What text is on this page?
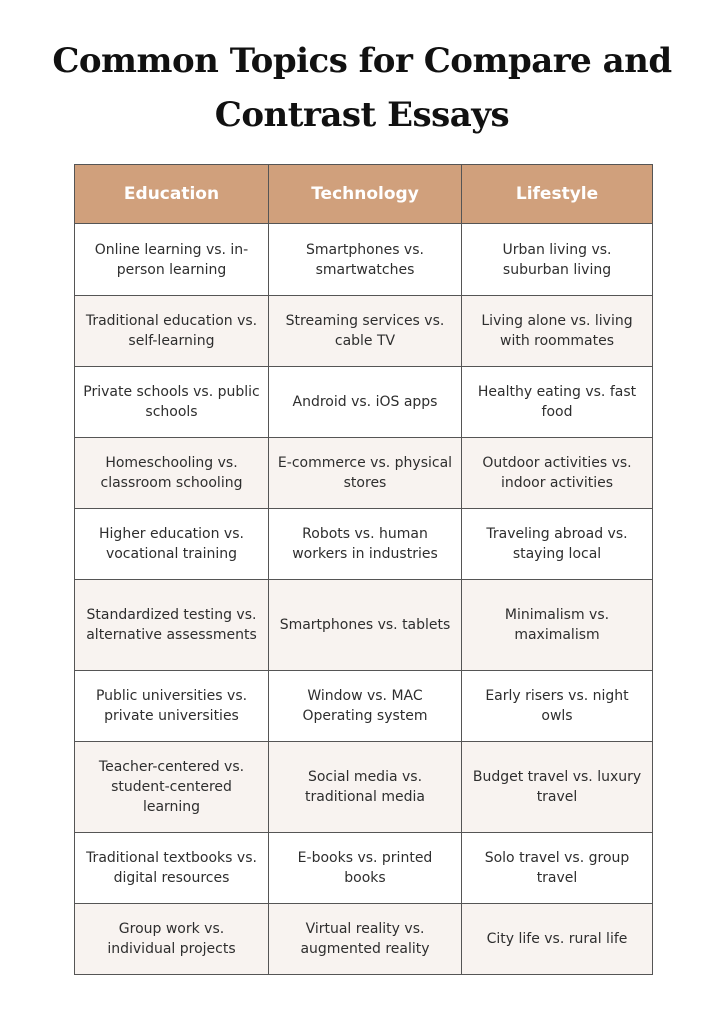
Common Topics for Compare and
Contrast Essays
Education	Technology	Lifestyle
Online learning vs. in-person learning	Smartphones vs. smartwatches	Urban living vs. suburban living
Traditional education vs. self-learning	Streaming services vs. cable TV	Living alone vs. living with roommates
Private schools vs. public schools	Android vs. iOS apps	Healthy eating vs. fast food
Homeschooling vs. classroom schooling	E-commerce vs. physical stores	Outdoor activities vs. indoor activities
Higher education vs. vocational training	Robots vs. human workers in industries	Traveling abroad vs. staying local
Standardized testing vs. alternative assessments	Smartphones vs. tablets	Minimalism vs. maximalism
Public universities vs. private universities	Window vs. MAC Operating system	Early risers vs. night owls
Teacher-centered vs. student-centered learning	Social media vs. traditional media	Budget travel vs. luxury travel
Traditional textbooks vs. digital resources	E-books vs. printed books	Solo travel vs. group travel
Group work vs. individual projects	Virtual reality vs. augmented reality	City life vs. rural life
